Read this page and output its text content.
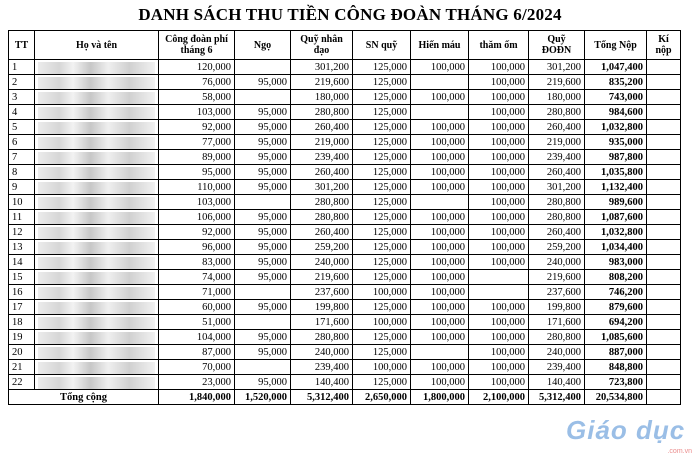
DANH SÁCH THU TIỀN CÔNG ĐOÀN THÁNG 6/2024
TT	Họ và tên	Công đoàn phí tháng 6	Ngọ	Quỹ nhân đạo	SN quỹ	Hiến máu	thăm ốm	Quỹ ĐOĐN	Tổng Nộp	Kí nộp
1		120,000		301,200	125,000	100,000	100,000	301,200	1,047,400	
2		76,000	95,000	219,600	125,000		100,000	219,600	835,200	
3		58,000		180,000	125,000	100,000	100,000	180,000	743,000	
4		103,000	95,000	280,800	125,000		100,000	280,800	984,600	
5		92,000	95,000	260,400	125,000	100,000	100,000	260,400	1,032,800	
6		77,000	95,000	219,000	125,000	100,000	100,000	219,000	935,000	
7		89,000	95,000	239,400	125,000	100,000	100,000	239,400	987,800	
8		95,000	95,000	260,400	125,000	100,000	100,000	260,400	1,035,800	
9		110,000	95,000	301,200	125,000	100,000	100,000	301,200	1,132,400	
10		103,000		280,800	125,000		100,000	280,800	989,600	
11		106,000	95,000	280,800	125,000	100,000	100,000	280,800	1,087,600	
12		92,000	95,000	260,400	125,000	100,000	100,000	260,400	1,032,800	
13		96,000	95,000	259,200	125,000	100,000	100,000	259,200	1,034,400	
14		83,000	95,000	240,000	125,000	100,000	100,000	240,000	983,000	
15		74,000	95,000	219,600	125,000	100,000		219,600	808,200	
16		71,000		237,600	100,000	100,000		237,600	746,200	
17		60,000	95,000	199,800	125,000	100,000	100,000	199,800	879,600	
18		51,000		171,600	100,000	100,000	100,000	171,600	694,200	
19		104,000	95,000	280,800	125,000	100,000	100,000	280,800	1,085,600	
20		87,000	95,000	240,000	125,000		100,000	240,000	887,000	
21		70,000		239,400	100,000	100,000	100,000	239,400	848,800	
22		23,000	95,000	140,400	125,000	100,000	100,000	140,400	723,800	
Tổng cộng		1,840,000	1,520,000	5,312,400	2,650,000	1,800,000	2,100,000	5,312,400	20,534,800	
Giáo dục
.com.vn
